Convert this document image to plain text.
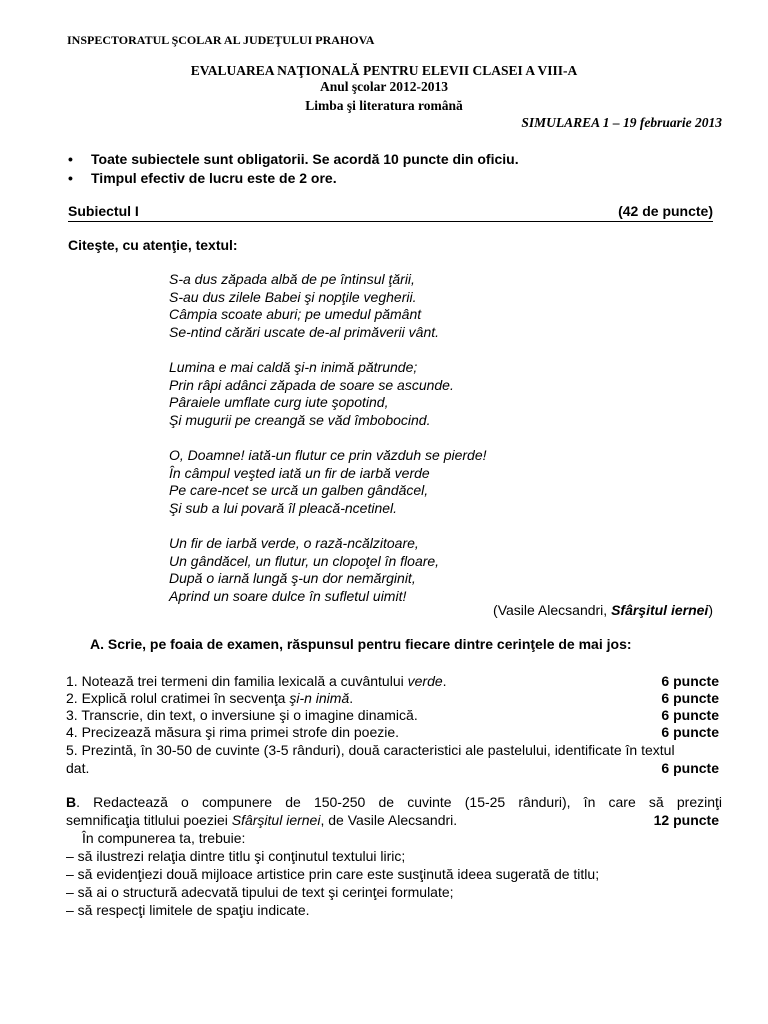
INSPECTORATUL ŞCOLAR AL JUDEŢULUI PRAHOVA
EVALUAREA NAŢIONALĂ PENTRU ELEVII CLASEI A VIII-A
Anul şcolar 2012-2013
Limba şi literatura română
SIMULAREA 1 – 19 februarie 2013
• Toate subiectele sunt obligatorii. Se acordă 10 puncte din oficiu.
• Timpul efectiv de lucru este de 2 ore.
Subiectul I	(42 de puncte)
Citeşte, cu atenţie, textul:
S-a dus zăpada albă de pe întinsul ţării,
S-au dus zilele Babei şi nopţile vegherii.
Câmpia scoate aburi; pe umedul pământ
Se-ntind cărări uscate de-al primăverii vânt.
Lumina e mai caldă şi-n inimă pătrunde;
Prin râpi adânci zăpada de soare se ascunde.
Pâraiele umflate curg iute şopotind,
Şi mugurii pe creangă se văd îmbobocind.
O, Doamne! iată-un flutur ce prin văzduh se pierde!
În câmpul veşted iată un fir de iarbă verde
Pe care-ncet se urcă un galben gândăcel,
Şi sub a lui povară îl pleacă-ncetinel.
Un fir de iarbă verde, o rază-ncălzitoare,
Un gândăcel, un flutur, un clopoţel în floare,
După o iarnă lungă ş-un dor nemărginit,
Aprind un soare dulce în sufletul uimit!
(Vasile Alecsandri, Sfârşitul iernei)
A. Scrie, pe foaia de examen, răspunsul pentru fiecare dintre cerinţele de mai jos:
1. Notează trei termeni din familia lexicală a cuvântului verde.	6 puncte
2. Explică rolul cratimei în secvenţa şi-n inimă.	6 puncte
3. Transcrie, din text, o inversiune şi o imagine dinamică.	6 puncte
4. Precizează măsura şi rima primei strofe din poezie.	6 puncte
5. Prezintă, în 30-50 de cuvinte (3-5 rânduri), două caracteristici ale pastelului, identificate în textul
dat.	6 puncte

B. Redactează o compunere de 150-250 de cuvinte (15-25 rânduri), în care să prezinţi

semnificaţia titlului poeziei Sfârşitul iernei, de Vasile Alecsandri.	12 puncte

În compunerea ta, trebuie:

– să ilustrezi relaţia dintre titlu şi conţinutul textului liric;

– să evidenţiezi două mijloace artistice prin care este susţinută ideea sugerată de titlu;

– să ai o structură adecvată tipului de text şi cerinţei formulate;

– să respecţi limitele de spaţiu indicate.
